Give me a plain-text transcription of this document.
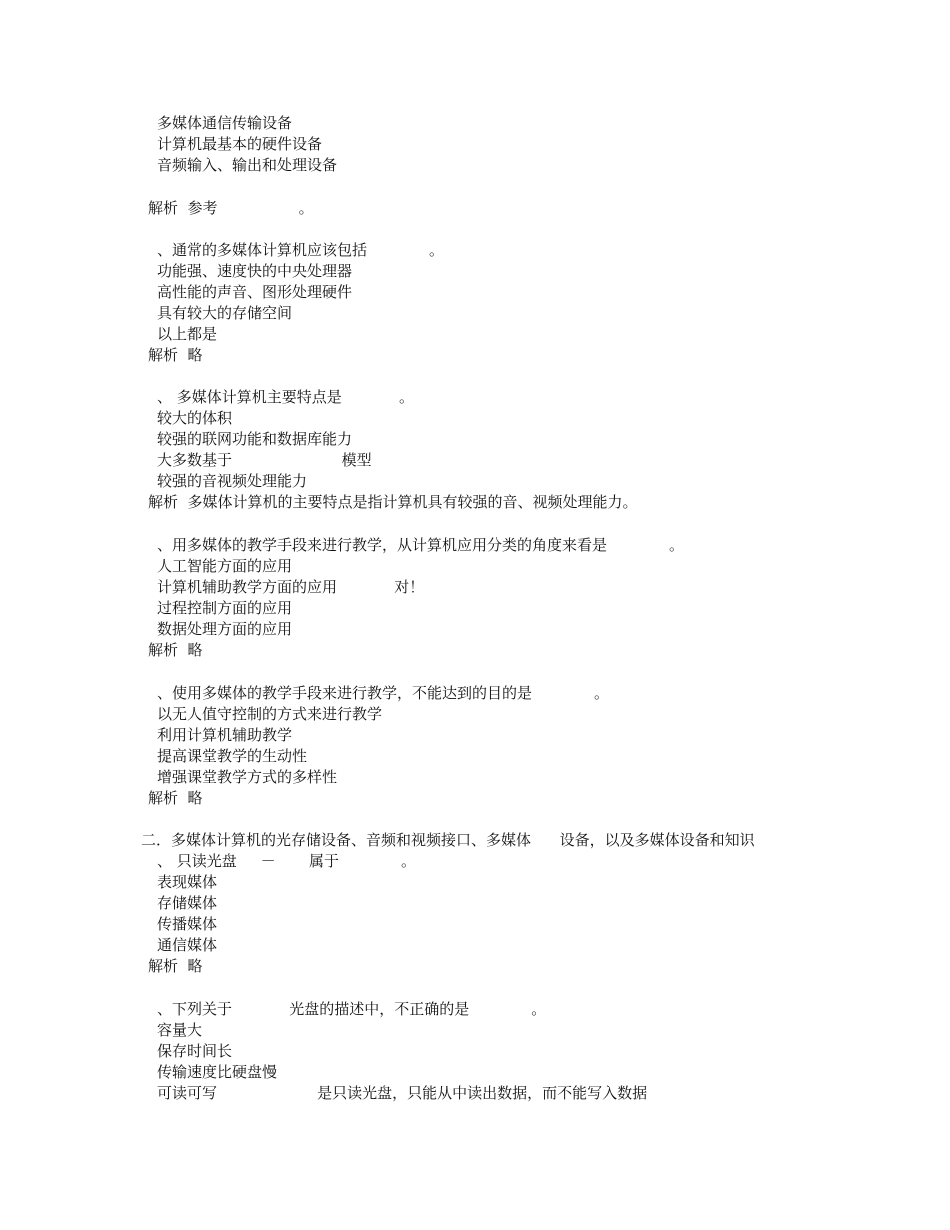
多媒体通信传输设备
计算机最基本的硬件设备
音频输入、输出和处理设备
解析  参考                 。
、通常的多媒体计算机应该包括             。
功能强、速度快的中央处理器
高性能的声音、图形处理硬件
具有较大的存储空间
以上都是
解析  略
、 多媒体计算机主要特点是            。
较大的体积
较强的联网功能和数据库能力
大多数基于                       模型
较强的音视频处理能力
解析  多媒体计算机的主要特点是指计算机具有较强的音、视频处理能力。
、用多媒体的教学手段来进行教学，从计算机应用分类的角度来看是             。
人工智能方面的应用
计算机辅助教学方面的应用            对！
过程控制方面的应用
数据处理方面的应用
解析  略
、使用多媒体的教学手段来进行教学，不能达到的目的是             。
以无人值守控制的方式来进行教学
利用计算机辅助教学
提高课堂教学的生动性
增强课堂教学方式的多样性
解析  略
二．多媒体计算机的光存储设备、音频和视频接口、多媒体      设备，以及多媒体设备和知识
、 只读光盘     －       属于             。
表现媒体
存储媒体
传播媒体
通信媒体
解析  略
、下列关于            光盘的描述中，不正确的是             。
容量大
保存时间长
传输速度比硬盘慢
可读可写                     是只读光盘，只能从中读出数据，而不能写入数据
